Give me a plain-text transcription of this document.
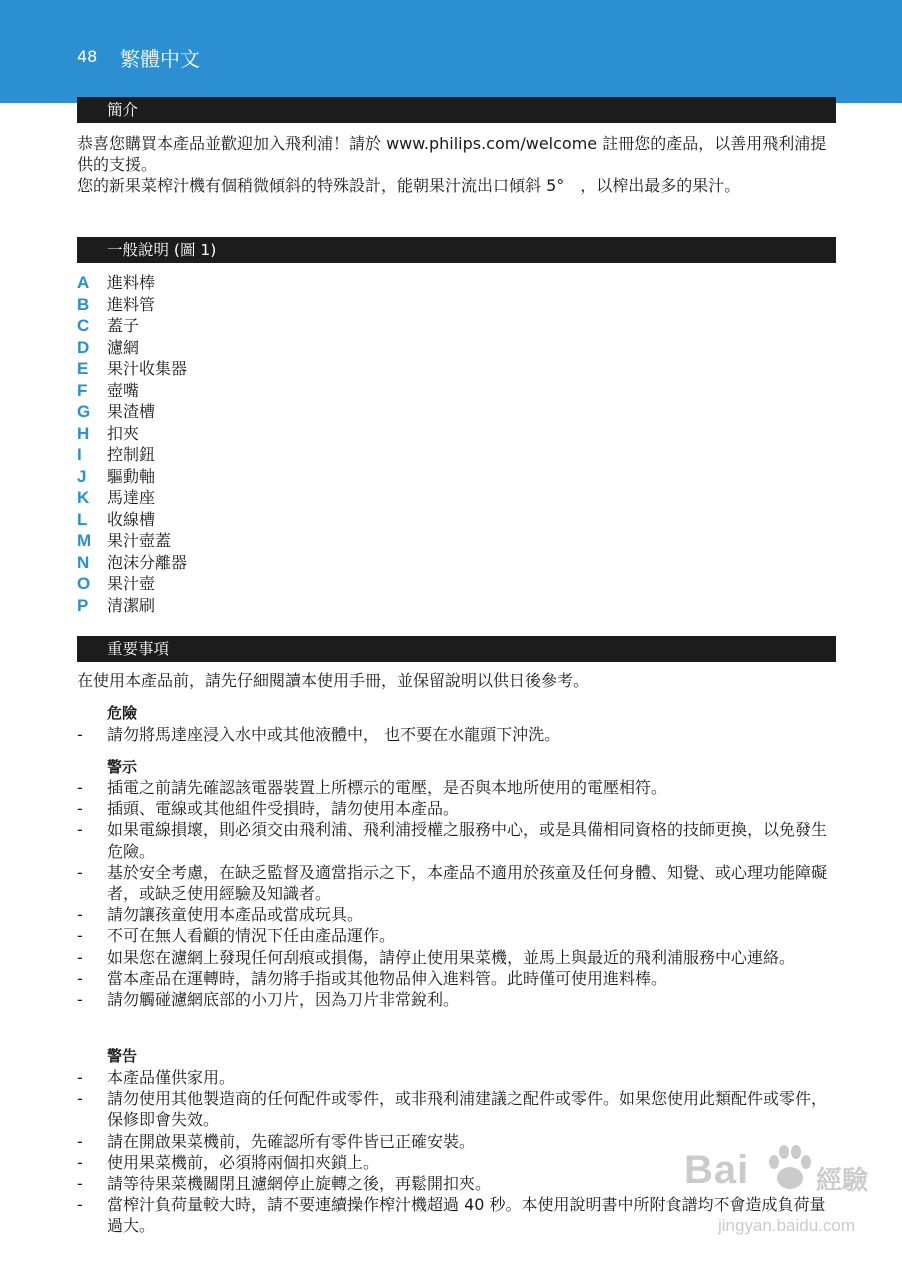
48 繁體中文
簡介
恭喜您購買本產品並歡迎加入飛利浦！請於 www.philips.com/welcome 註冊您的產品，以善用飛利浦提供的支援。
您的新果菜榨汁機有個稍微傾斜的特殊設計，能朝果汁流出口傾斜 5°　，以榨出最多的果汁。
一般說明 (圖 1)
A 進料棒
B 進料管
C 蓋子
D 濾網
E 果汁收集器
F 壺嘴
G 果渣槽
H 扣夾
I 控制鈕
J 驅動軸
K 馬達座
L 收線槽
M 果汁壺蓋
N 泡沫分離器
O 果汁壺
P 清潔刷
重要事項
在使用本產品前，請先仔細閱讀本使用手冊，並保留說明以供日後參考。
危險
- 請勿將馬達座浸入水中或其他液體中， 也不要在水龍頭下沖洗。
警示
- 插電之前請先確認該電器裝置上所標示的電壓，是否與本地所使用的電壓相符。
- 插頭、電線或其他組件受損時，請勿使用本產品。
- 如果電線損壞，則必須交由飛利浦、飛利浦授權之服務中心，或是具備相同資格的技師更換，以免發生危險。
- 基於安全考慮，在缺乏監督及適當指示之下，本產品不適用於孩童及任何身體、知覺、或心理功能障礙者，或缺乏使用經驗及知識者。
- 請勿讓孩童使用本產品或當成玩具。
- 不可在無人看顧的情況下任由產品運作。
- 如果您在濾網上發現任何刮痕或損傷，請停止使用果菜機，並馬上與最近的飛利浦服務中心連絡。
- 當本產品在運轉時，請勿將手指或其他物品伸入進料管。此時僅可使用進料棒。
- 請勿觸碰濾網底部的小刀片，因為刀片非常銳利。
警告
- 本產品僅供家用。
- 請勿使用其他製造商的任何配件或零件，或非飛利浦建議之配件或零件。如果您使用此類配件或零件，保修即會失效。
- 請在開啟果菜機前，先確認所有零件皆已正確安裝。
- 使用果菜機前，必須將兩個扣夾鎖上。
- 請等待果菜機關閉且濾網停止旋轉之後，再鬆開扣夾。
- 當榨汁負荷量較大時，請不要連續操作榨汁機超過 40 秒。本使用說明書中所附食譜均不會造成負荷量過大。
Bai	經驗
jingyan.baidu.com
